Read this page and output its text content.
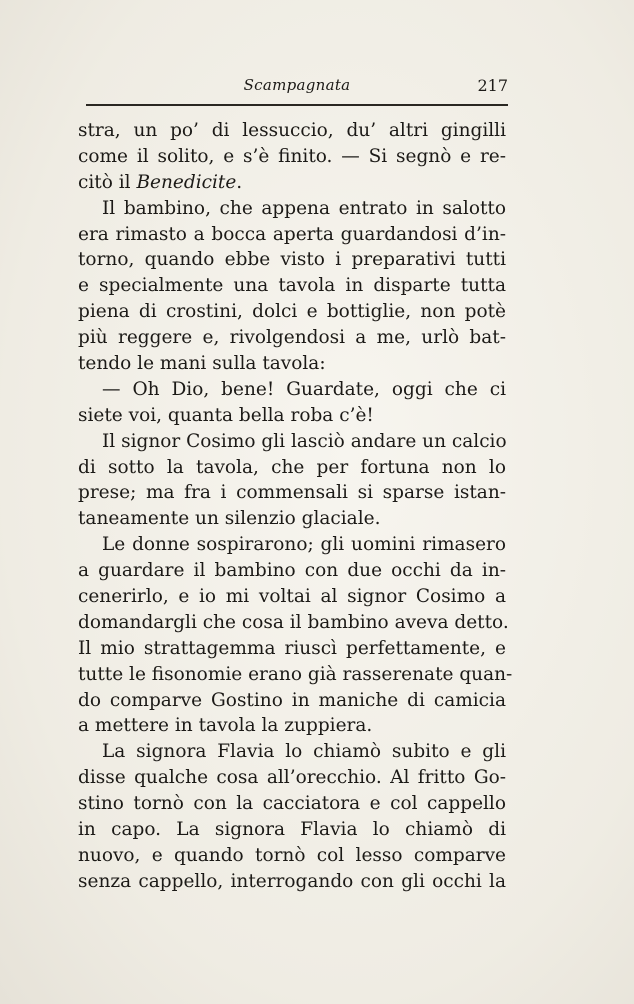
Scampagnata	217
stra, un po’ di lessuccio, du’ altri gingilli
come il solito, e s’è finito. — Si segnò e re-
citò il Benedicite.
Il bambino, che appena entrato in salotto
era rimasto a bocca aperta guardandosi d’in-
torno, quando ebbe visto i preparativi tutti
e specialmente una tavola in disparte tutta
piena di crostini, dolci e bottiglie, non potè
più reggere e, rivolgendosi a me, urlò bat-
tendo le mani sulla tavola:
— Oh Dio, bene! Guardate, oggi che ci
siete voi, quanta bella roba c’è!
Il signor Cosimo gli lasciò andare un calcio
di sotto la tavola, che per fortuna non lo
prese; ma fra i commensali si sparse istan-
taneamente un silenzio glaciale.
Le donne sospirarono; gli uomini rimasero
a guardare il bambino con due occhi da in-
cenerirlo, e io mi voltai al signor Cosimo a
domandargli che cosa il bambino aveva detto.
Il mio strattagemma riuscì perfettamente, e
tutte le fisonomie erano già rasserenate quan-
do comparve Gostino in maniche di camicia
a mettere in tavola la zuppiera.
La signora Flavia lo chiamò subito e gli
disse qualche cosa all’orecchio. Al fritto Go-
stino tornò con la cacciatora e col cappello
in capo. La signora Flavia lo chiamò di
nuovo, e quando tornò col lesso comparve
senza cappello, interrogando con gli occhi la
